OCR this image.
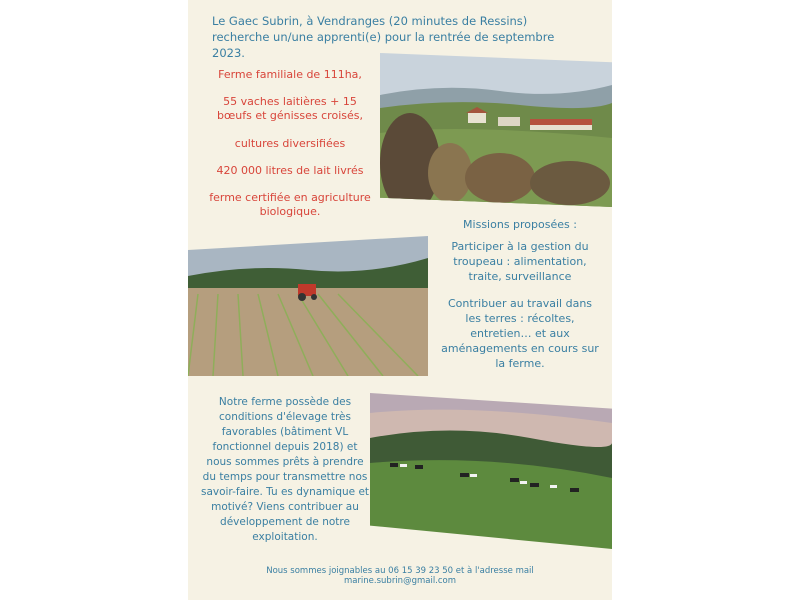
Le Gaec Subrin, à Vendranges (20 minutes de Ressins)
recherche un/une apprenti(e) pour la rentrée de septembre 2023.

Ferme familiale de 111ha,

55 vaches laitières + 15 bœufs et génisses croisés,

cultures diversifiées

420 000 litres de lait livrés

ferme certifiée en agriculture biologique.

Missions proposées :

Participer à la gestion du troupeau : alimentation, traite, surveillance

Contribuer au travail dans les terres : récoltes, entretien… et aux aménagements en cours sur la ferme.

Notre ferme possède des conditions d'élevage très favorables (bâtiment VL fonctionnel depuis 2018) et nous sommes prêts à prendre du temps pour transmettre nos savoir-faire. Tu es dynamique et motivé? Viens contribuer au développement de notre exploitation.

Nous sommes joignables au 06 15 39 23 50 et à l'adresse mail marine.subrin@gmail.com
